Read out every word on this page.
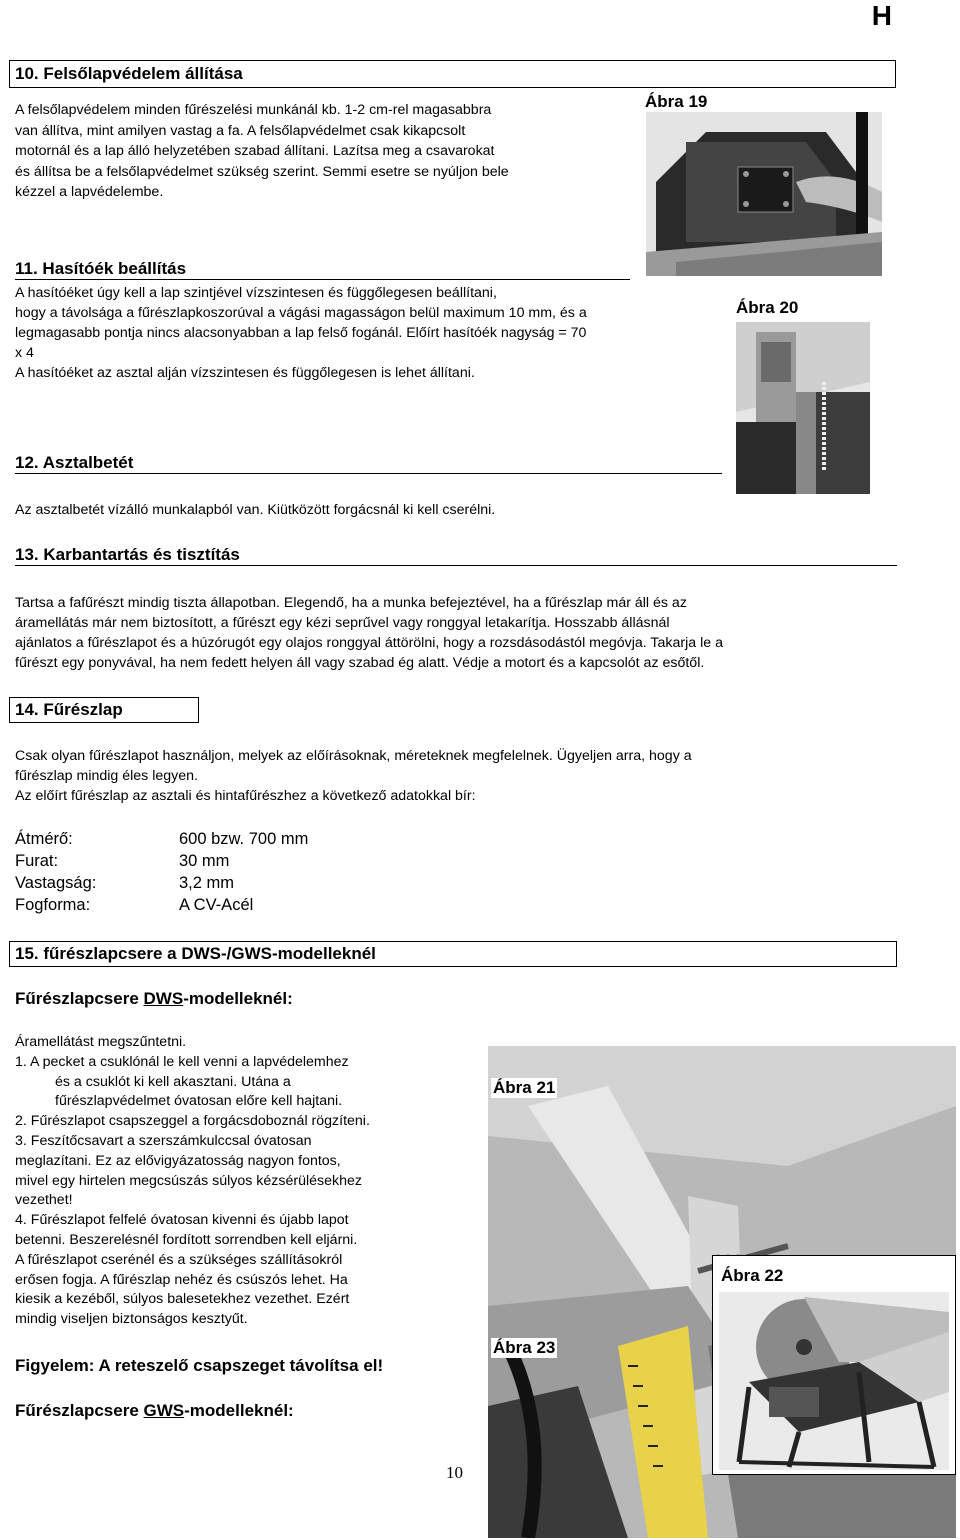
H
10. Felsőlapvédelem állítása

A felsőlapvédelem minden fűrészelési munkánál kb. 1-2 cm-rel magasabbra

van állítva, mint amilyen vastag a fa. A felsőlapvédelmet csak kikapcsolt

motornál és a lap álló helyzetében szabad állítani. Lazítsa meg a csavarokat

és állítsa be a felsőlapvédelmet szükség szerint. Semmi esetre se nyúljon bele

kézzel a lapvédelembe.

Ábra 19
11. Hasítóék beállítás

A hasítóéket úgy kell a lap szintjével vízszintesen és függőlegesen beállítani,

hogy a távolsága a fűrészlapkoszorúval a vágási magasságon belül maximum 10 mm, és a

legmagasabb pontja nincs alacsonyabban a lap felső fogánál. Előírt hasítóék nagyság = 70

x 4

A hasítóéket az asztal alján vízszintesen és függőlegesen is lehet állítani.

Ábra 20
12. Asztalbetét
Az asztalbetét vízálló munkalapból van. Kiütközött forgácsnál ki kell cserélni.
13. Karbantartás és tisztítás

Tartsa a fafűrészt mindig tiszta állapotban. Elegendő, ha a munka befejeztével, ha a fűrészlap már áll és az

áramellátás már nem biztosított, a fűrészt egy kézi seprűvel vagy ronggyal letakarítja. Hosszabb állásnál

ajánlatos a fűrészlapot és a húzórugót egy olajos ronggyal áttörölni, hogy a rozsdásodástól megóvja. Takarja le a

fűrészt egy ponyvával, ha nem fedett helyen áll vagy szabad ég alatt. Védje a motort és a kapcsolót az esőtől.

14. Fűrészlap

Csak olyan fűrészlapot használjon, melyek az előírásoknak, méreteknek megfelelnek. Ügyeljen arra, hogy a

fűrészlap mindig éles legyen.

Az előírt fűrészlap az asztali és hintafűrészhez a következő adatokkal bír:

Átmérő:	600 bzw. 700 mm
Furat:	30 mm
Vastagság:	3,2 mm
Fogforma:	A CV-Acél
15. fűrészlapcsere a DWS-/GWS-modelleknél
Fűrészlapcsere DWS-modelleknél:

Áramellátást megszűntetni.

1. A pecket a csuklónál le kell venni a lapvédelemhez

és a csuklót ki kell akasztani. Utána a

fűrészlapvédelmet óvatosan előre kell hajtani.

2. Fűrészlapot csapszeggel a forgácsdoboznál rögzíteni.

3. Feszítőcsavart a szerszámkulccsal óvatosan

meglazítani. Ez az elővigyázatosság nagyon fontos,

mivel egy hirtelen megcsúszás súlyos kézsérülésekhez

vezethet!

4. Fűrészlapot felfelé óvatosan kivenni és újabb lapot

betenni. Beszerelésnél fordított sorrendben kell eljárni.

A fűrészlapot cserénél és a szükséges szállításokról

erősen fogja. A fűrészlap nehéz és csúszós lehet. Ha

kiesik a kezéből, súlyos balesetekhez vezethet. Ezért

mindig viseljen biztonságos kesztyűt.

Figyelem: A reteszelő csapszeget távolítsa el!
Fűrészlapcsere GWS-modelleknél:
Ábra 21
Ábra 23
Ábra 22
10
